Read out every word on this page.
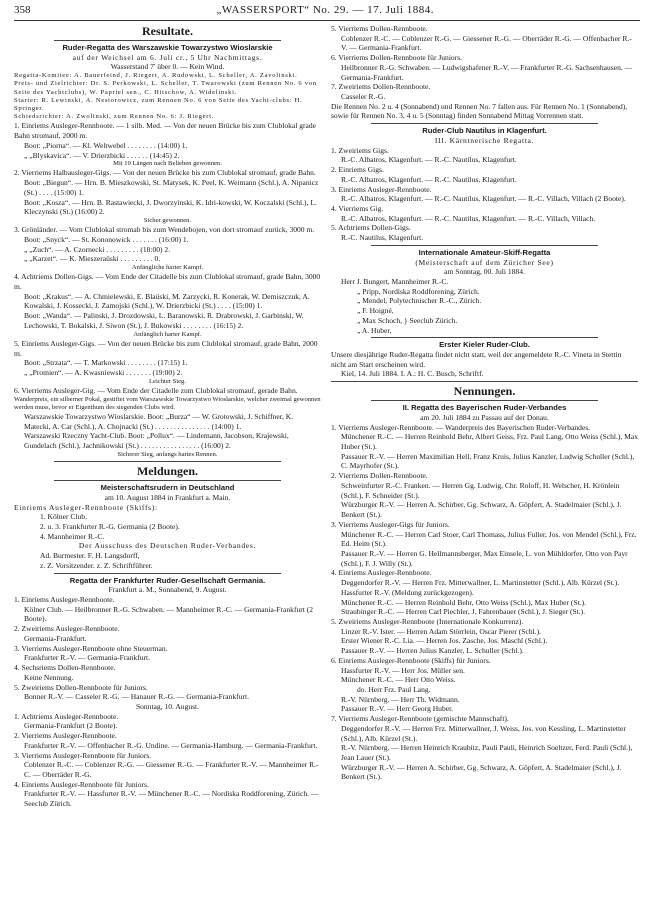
358	„WASSERSPORT“ No. 29. — 17. Juli 1884.
Resultate.
Ruder-Regatta des Warszawskie Towarzystwo Wioslarskie
auf der Weichsel am 6. Juli cr., 5 Uhr Nachmittags.
Wasserstand 7' über 0. — Kein Wind.
Regatta-Komitee: A. Bauerfeind, J. Riegert, A. Rudowski, L. Scheller, A. Zavolinski.
Preis- und Zielrichter: Dr. S. Perkowski, L. Scheller, T. Twarowski (zum Rennen No. 6 von Seite des Yachtclubs), W. Papriel sen., C. Hitschow, A. Widelinski.
Starter: R. Lewinski, A. Nestorowicz, zum Rennen No. 6 von Seite des Yacht-clubs: H. Springer.
Schiedsrichter: A. Zwolinski, zum Rennen No. 6: J. Riegert.
1. Einriems Ausleger-Rennboote. — 1 silb. Med. — Von der neuen Brücke bis zum Clublokal grade Bahn stromauf, 2000 m.
Boot: „Piorna“. — Kl. Weltwebel . . . . . . . . (14:00) 1.
„ „Blyskavica“. — V. Drierzbicki . . . . . . (14:45) 2.
Mit 10 Längen nach Belieben gewonnen.
2. Vierriems Halbausleger-Gigs. — Von der neuen Brücke bis zum Clublokal stromauf, grade Bahn.
Boot: „Biegun“. — Hrn. B. Mieszkowski, St. Matysek, K. Peel, K. Weimann (Schl.), A. Nipanicz (St.) . . . . (15:00) 1.
Boot: „Kosza“. — Hrn. B. Rastawiecki, J. Dworzyinski, K. Idri-kowski, W. Koczalski (Schl.), L. Kleczynski (St.) (16:00) 2.
Sicher gewonnen.
3. Grönländer. — Vom Clublokal stromab bis zum Wendebojen, von dort stromauf zurück, 3000 m.
Boot: „Snyck“. — St. Kononowick . . . . . . . (16:00) 1.
„ „Zuch“. — A. Czornecki . . . . . . . . . (18:00) 2.
„ „Karzet“. — K. Mieszeraüski . . . . . . . . . 0.
Anfängliche harter Kampf.
4. Achtriems Dollen-Gigs. — Vom Ende der Citadelle bis zum Clublokal stromauf, grade Bahn, 3000 m.
Boot: „Krakus“. — A. Chmielewski, E. Blaüski, M. Zarzycki, R. Konerak, W. Demiszczuk, A. Kowalski, J. Kossecki, J. Zamojski (Schl.), W. Drierzbicki (St.) . . . . (15:00) 1.
Boot: „Wanda“. — Palinski, J. Drozdowski, L. Baranowski, R. Drabrowski, J. Garbinski, W. Lechowski, T. Bokalski, J. Siwon (St.), J. Bukowski . . . . . . . . (16:15) 2.
Anfänglich harter Kampf.
5. Einriems Ausleger-Gigs. — Von der neuen Brücke bis zum Clublokal stromauf, grade Bahn, 2000 m.
Boot: „Strzata“. — T. Markowski . . . . . . . . (17:15) 1.
„ „Promien“. — A. Kwasniewski . . . . . . . (19:00) 2.
Leichter Sieg.
6. Vierriems Ausleger-Gig. — Vom Ende der Citadelle zum Clublokal stromauf, gerade Bahn.
Wanderpreis, ein silberner Pokal, gestiftet vom Warszawskie Towarzystwo Wioslarskie, welcher zweimal gewonnen werden muss, bevor er Eigenthum des siegenden Clubs wird.
Warszawskie Towarzystwo Wioslarskie. Boot: „Burza“ — W. Grotowski, J. Schiffner, K. Matecki, A. Car (Schl.), A. Chojnacki (St.) . . . . . . . . . . . . . . . (14:00) 1.
Warszawski Rzeczny Yacht-Club. Boot: „Pollux“. — Lindemann, Jacobson, Krajewski, Gundelach (Schl.), Jachnikowski (St.) . . . . . . . . . . . . . . . . (16:00) 2.
Sicherer Sieg, anfangs hartes Rennen.
Meldungen.
Meisterschaftsrudern in Deutschland
am 10. August 1884 in Frankfurt a. Main.
Einriems Ausleger-Rennboote (Skiffs):
1. Kölner Club.
2. u. 3. Frankfurter R.-G. Germania (2 Boote).
4. Mannheimer R.-C.
Der Ausschuss des Deutschen Ruder-Verbandes.
Ad. Burmester. F. H. Langsdorff,
z. Z. Vorsitzender. z. Z. Schriftführer.
Regatta der Frankfurter Ruder-Gesellschaft Germania.
Frankfurt a. M., Sonnabend, 9. August.
1. Einriems Ausleger-Rennboote.
Kölner Club. — Heilbronner R.-G. Schwaben. — Mannheimer R.-C. — Germania-Frankfurt (2 Boote).
2. Zweiriems Ausleger-Rennboote.
Germania-Frankfurt.
3. Vierriems Ausleger-Rennboote ohne Steuerman.
Frankfurter R.-V. — Germania-Frankfurt.
4. Sechsriems Dollen-Rennboote.
Keine Nennung.
5. Zweiriems Dollen-Rennboote für Juniors.
Bonner R.-V. — Casseler R.-G. — Hanauer R.-G. — Germania-Frankfurt.
Sonntag, 10. August.
1. Achtriems Ausleger-Rennboote.
Germania-Frankfurt (2 Boote).
2. Vierriems Ausleger-Rennboote.
Frankfurter R.-V. — Offenbacher R.-G. Undine. — Germania-Hamburg. — Germania-Frankfurt.
3. Vierriems Ausleger-Rennboote für Juniors.
Coblenzer R.-C. — Coblenzer R.-G. — Giessener R.-G. — Frankfurter R.-V. — Mannheimer R.-C. — Oberräder R.-G.
4. Einriems Ausleger-Rennboote für Juniors.
Frankfurter R.-V. — Hassfurter R.-V. — Münchener R.-C. — Nordiska Roddforening, Zürich. — Seeclub Zürich.
5. Vierriems Dollen-Rennboote.
Coblenzer R.-C. — Coblenzer R.-G. — Giessener R.-G. — Oberräder R.-G. — Offenbacher R.-V. — Germania-Frankfurt.
6. Vierriems Dollen-Rennboote für Juniors.
Heilbronner R.-G. Schwaben. — Ludwigshafener R.-V. — Frankfurter R.-G. Sachsenhausen. — Germania-Frankfurt.
7. Zweiriems Dollen-Rennboote.
Casseler R.-G.
Die Rennen No. 2 u. 4 (Sonnabend) und Rennen No. 7 fallen aus. Für Rennen No. 1 (Sonnabend), sowie für Rennen No. 3, 4 u. 5 (Sonntag) finden Sonnabend Mittag Vorrennen statt.
Ruder-Club Nautilus in Klagenfurt.
III. Kärntnerische Regatta.
1. Zweiriems Gigs.
R.-C. Albatros, Klagenfurt. — R.-C. Nautilus, Klagenfurt.
2. Einriems Gigs.
R.-C. Albatros, Klagenfurt. — R.-C. Nautilus, Klagenfurt.
3. Einriems Ausleger-Rennboote.
R.-C. Albatros, Klagenfurt. — R.-C. Nautilus, Klagenfurt. — R.-C. Villach, Villach (2 Boote).
4. Vierriems Gig.
R.-C. Albatros, Klagenfurt. — R.-C. Nautilus, Klagenfurt. — R.-C. Villach, Villach.
5. Achtriems Dollen-Gigs.
R.-C. Nautilus, Klagenfurt.
Internationale Amateur-Skiff-Regatta
(Meisterschaft auf dem Züricher See)
am Sonntag, 00. Juli 1884.
Herr J. Bungert, Mannheimer R.-C.
„ Pripp, Nordiska Roddforening, Zürich.
„ Mendel, Polytechnischer R.-C., Zürich.
„ F. Hoigné,
„ Max Schoch, } Seeclub Zürich.
„ A. Huber,
Erster Kieler Ruder-Club.
Unsere diesjährige Ruder-Regatta findet nicht statt, weil der angemeldete R.-C. Vineta in Stettin nicht am Start erscheinen wird.
Kiel, 14. Juli 1884. I. A.: H. C. Busch, Schriftf.
Nennungen.
II. Regatta des Bayerischen Ruder-Verbandes
am 20. Juli 1884 zu Passau auf der Donau.
1. Vierriems Ausleger-Rennboote. — Wanderpreis des Bayerischen Ruder-Verbandes.
Münchener R.-C. — Herren Reinhold Behr, Albert Geiss, Frz. Paul Lang, Otto Weiss (Schl.), Max Huber (St.).
Passauer R.-V. — Herren Maximilian Hell, Franz Kruis, Julius Kanzler, Ludwig Schuller (Schl.), C. Mayrhofer (St.).
2. Vierriems Dollen-Rennboote.
Schweinfurter R.-C. Franken. — Herren Gg. Ludwig, Chr. Roloff, H. Welscher, H. Krönlein (Schl.), F. Schneider (St.).
Würzburger R.-V. — Herren A. Schirber, Gg. Schwarz, A. Göpfert, A. Stadelmaier (Schl.), J. Benkert (St.).
3. Vierriems Ausleger-Gigs für Juniors.
Münchener R.-C. — Herren Carl Stoer, Carl Thomass, Julius Fuller, Jos. von Mendel (Schl.), Frz. Ed. Heim (St.).
Passauer R.-V. — Herren G. Hellmannsberger, Max Einsele, L. von Mühldorfer, Otto von Payr (Schl.), F. J. Willy (St.).
4. Einriems Ausleger-Rennboote.
Deggendorfer R.-V. — Herren Frz. Mitterwallner, L. Martinstetter (Schl.), Alb. Kürzel (St.).
Hassfurter R.-V. (Meldung zurückgezogen).
Münchener R.-C. — Herren Reinhold Behr, Otto Weiss (Schl.), Max Huber (St.).
Straubinger R.-C. — Herren Carl Piechler, J. Fahrenbauer (Schl.), J. Sieger (St.).
5. Zweiriems Ausleger-Rennboote (Internationale Konkurrenz).
Linzer R.-V. Ister. — Herren Adam Störrlein, Oscar Pierer (Schl.).
Erster Wiener R.-C. Lia. — Herren Jos. Zasche, Jos. Maschl (Schl.).
Passauer R.-V. — Herren Julius Kanzler, L. Schuller (Schl.).
6. Einriems Ausleger-Rennboote (Skiffs) für Juniors.
Hassfurter R.-V. — Herr Jos. Müller sen.
Münchener R.-C. — Herr Otto Weiss.
do. Herr Frz. Paul Lang.
R.-V. Nürnberg. — Herr Th. Widmann.
Passauer R.-V. — Herr Georg Huber.
7. Vierriems Ausleger-Rennboote (gemischte Mannschaft).
Deggendorfer R.-V. — Herren Frz. Mitterwallner, J. Weiss, Jos. von Kessling, L. Martinstetter (Schl.), Alb. Kürzel (St.).
R.-V. Nürnberg. — Herren Heinrich Kraubitz, Pauli Pauli, Heinrich Soeltzer, Ferd. Pauli (Schl.), Jean Lauer (St.).
Würzburger R.-V. — Herren A. Schirber, Gg. Schwarz, A. Göpfert, A. Stadelmaier (Schl.), J. Benkert (St.).
